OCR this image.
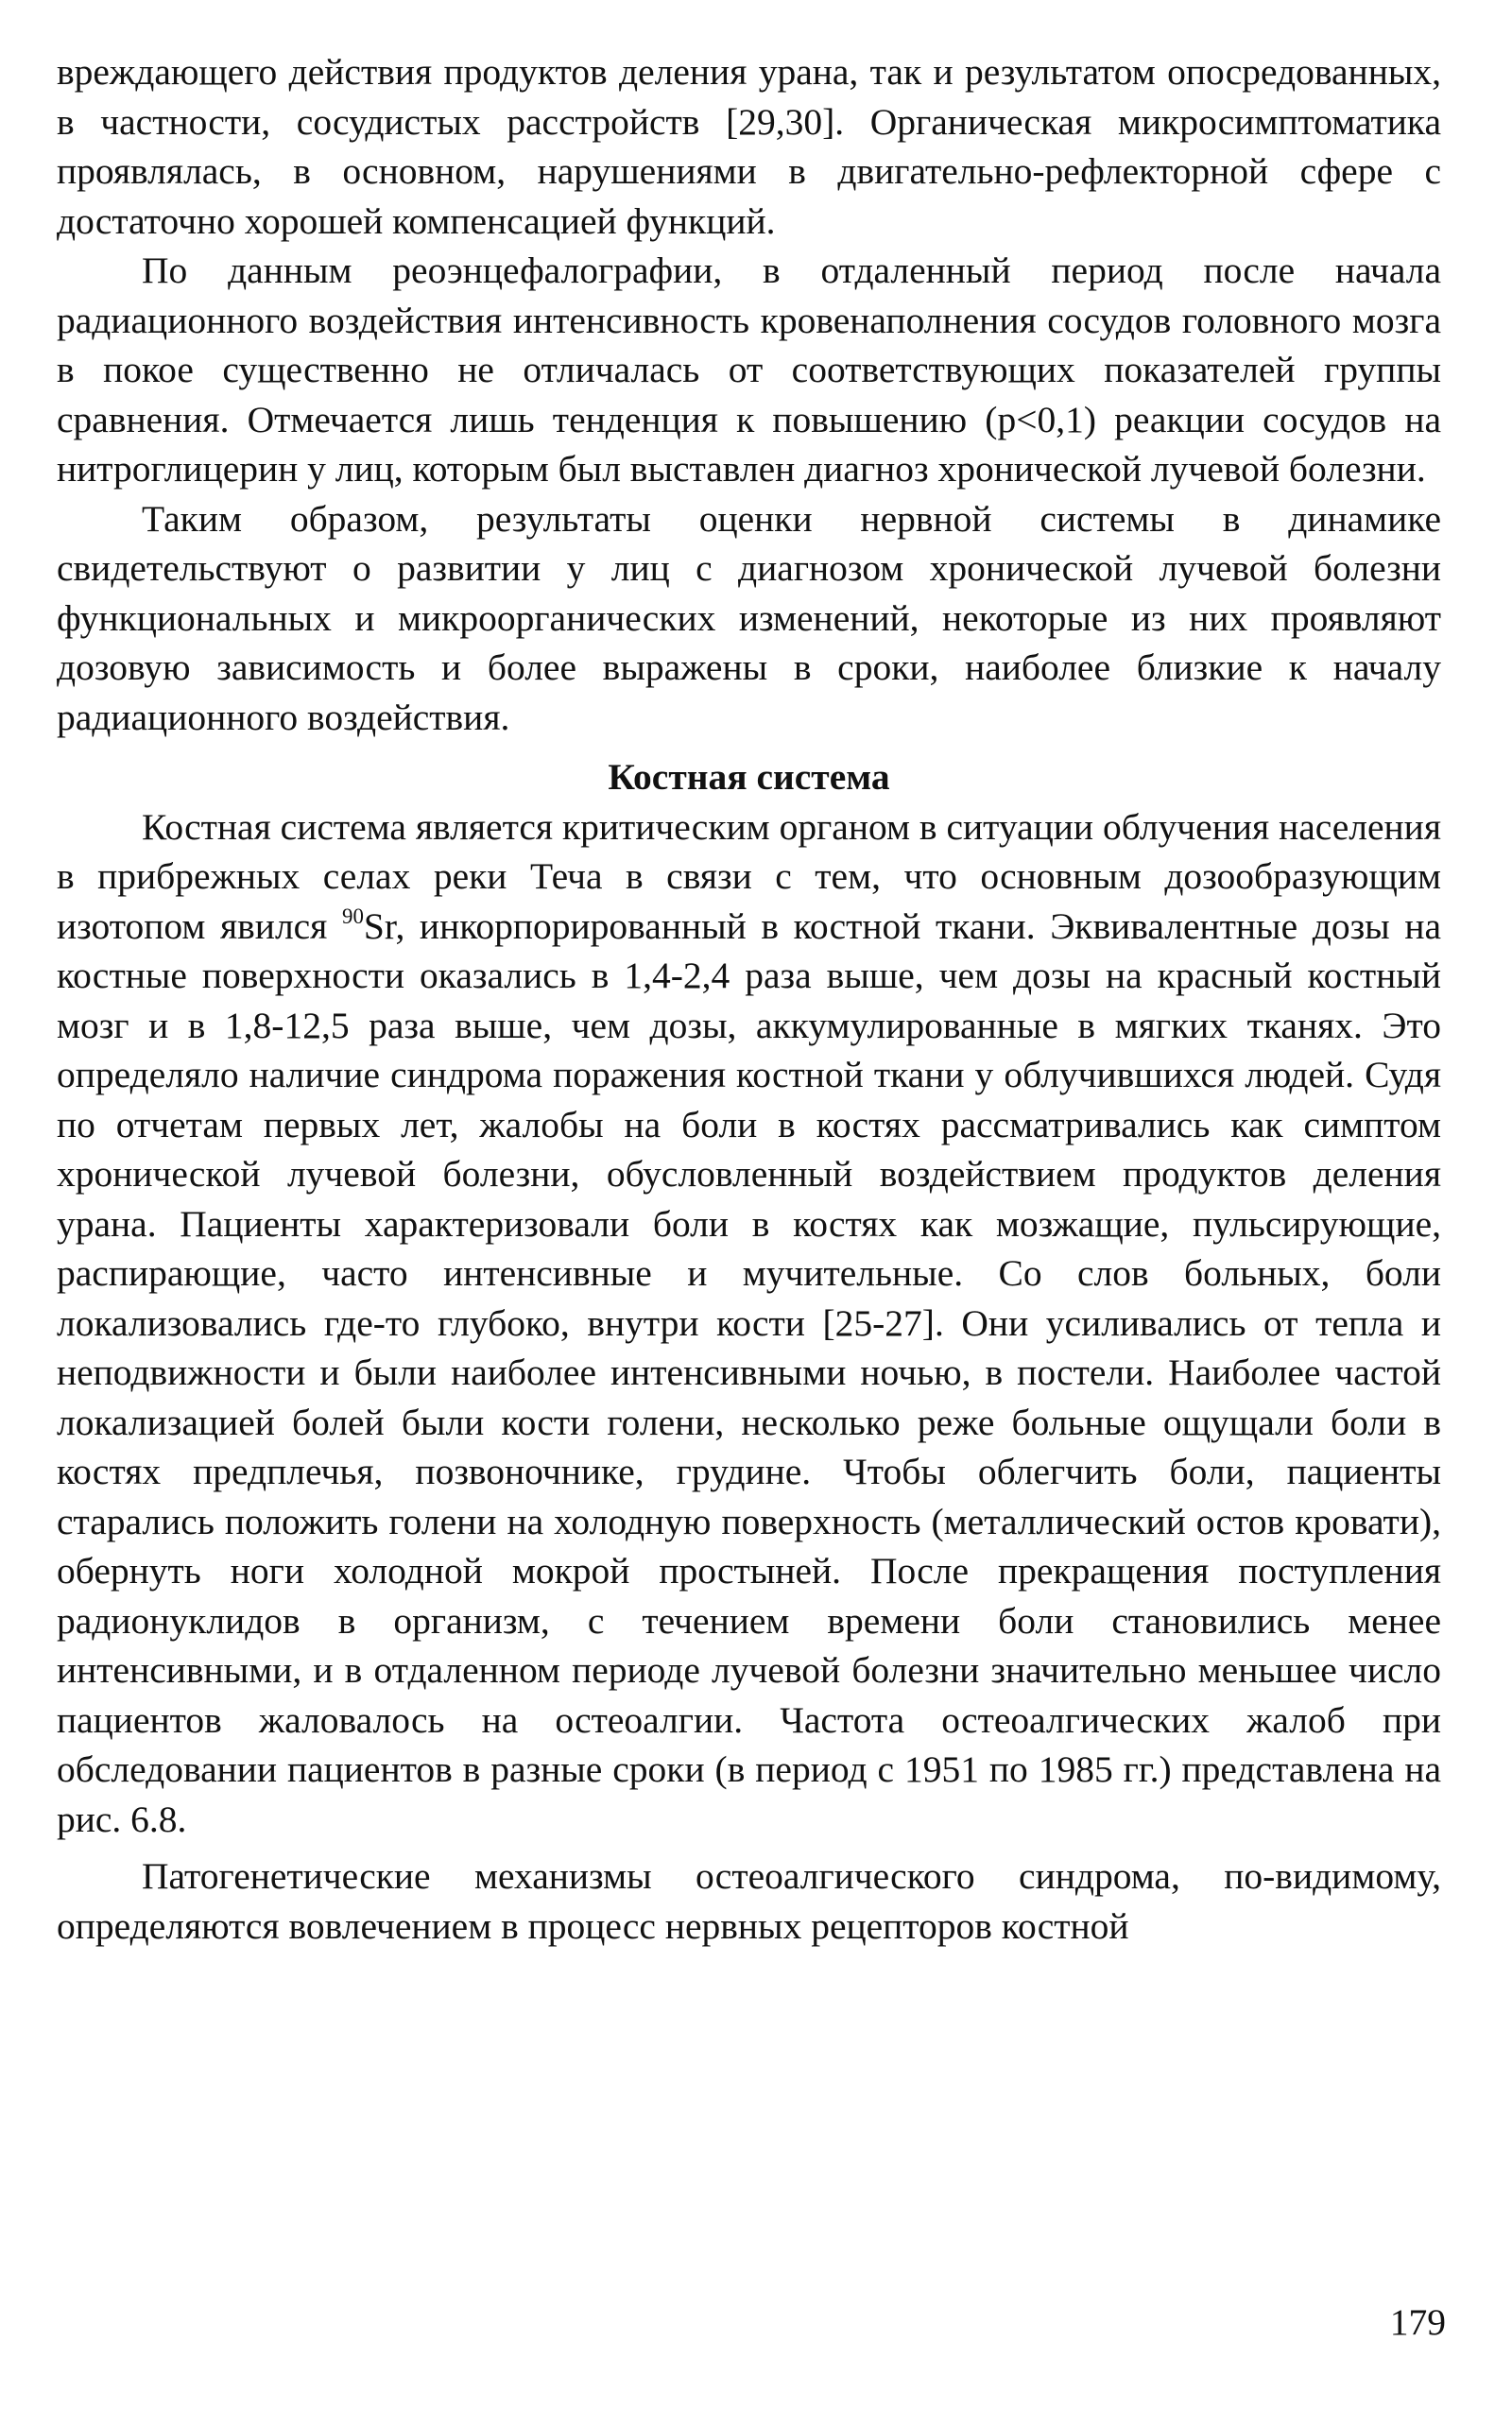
вреждающего действия продуктов деления урана, так и результатом опосредованных, в частности, сосудистых расстройств [29,30]. Органическая микросимптоматика проявлялась, в основном, нарушениями в двигательно-рефлекторной сфере с достаточно хорошей компенсацией функций.

По данным реоэнцефалографии, в отдаленный период после начала радиационного воздействия интенсивность кровенаполнения сосудов головного мозга в покое существенно не отличалась от соответствующих показателей группы сравнения. Отмечается лишь тенденция к повышению (р<0,1) реакции сосудов на нитроглицерин у лиц, которым был выставлен диагноз хронической лучевой болезни.

Таким образом, результаты оценки нервной системы в динамике свидетельствуют о развитии у лиц с диагнозом хронической лучевой болезни функциональных и микроорганических изменений, некоторые из них проявляют дозовую зависимость и более выражены в сроки, наиболее близкие к началу радиационного воздействия.

Костная система

Костная система является критическим органом в ситуации облучения населения в прибрежных селах реки Теча в связи с тем, что основным дозообразующим изотопом явился $^{90}$Sr, инкорпорированный в костной ткани. Эквивалентные дозы на костные поверхности оказались в 1,4-2,4 раза выше, чем дозы на красный костный мозг и в 1,8-12,5 раза выше, чем дозы, аккумулированные в мягких тканях. Это определяло наличие синдрома поражения костной ткани у облучившихся людей. Судя по отчетам первых лет, жалобы на боли в костях рассматривались как симптом хронической лучевой болезни, обусловленный воздействием продуктов деления урана. Пациенты характеризовали боли в костях как мозжащие, пульсирующие, распирающие, часто интенсивные и мучительные. Со слов больных, боли локализовались где-то глубоко, внутри кости [25-27]. Они усиливались от тепла и неподвижности и были наиболее интенсивными ночью, в постели. Наиболее частой локализацией болей были кости голени, несколько реже больные ощущали боли в костях предплечья, позвоночнике, грудине. Чтобы облегчить боли, пациенты старались положить голени на холодную поверхность (металлический остов кровати), обернуть ноги холодной мокрой простыней. После прекращения поступления радионуклидов в организм, с течением времени боли становились менее интенсивными, и в отдаленном периоде лучевой болезни значительно меньшее число пациентов жаловалось на остеоалгии. Частота остеоалгических жалоб при обследовании пациентов в разные сроки (в период с 1951 по 1985 гг.) представлена на рис. 6.8.

Патогенетические механизмы остеоалгического синдрома, по-видимому, определяются вовлечением в процесс нервных рецепторов костной

179
